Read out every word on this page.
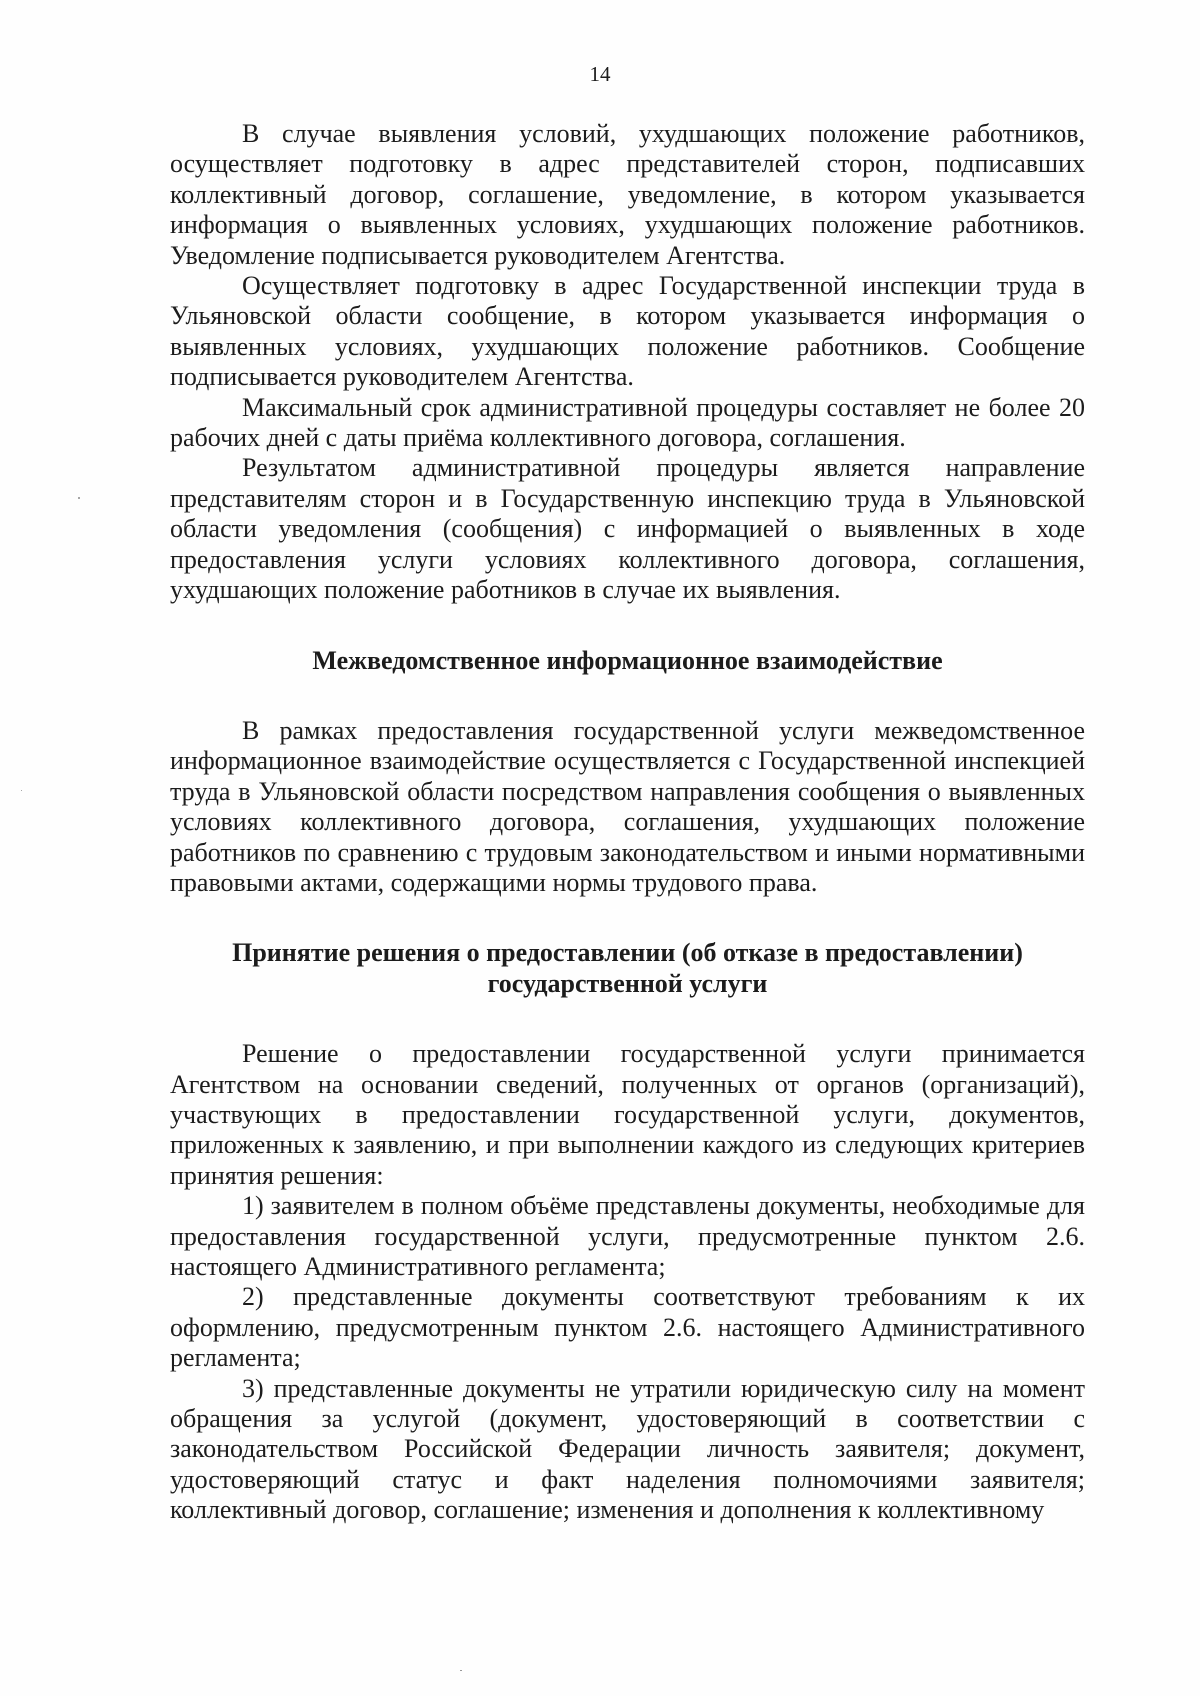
14

В случае выявления условий, ухудшающих положение работников, осуществляет подготовку в адрес представителей сторон, подписавших коллективный договор, соглашение, уведомление, в котором указывается информация о выявленных условиях, ухудшающих положение работников. Уведомление подписывается руководителем Агентства.

Осуществляет подготовку в адрес Государственной инспекции труда в Ульяновской области сообщение, в котором указывается информация о выявленных условиях, ухудшающих положение работников. Сообщение подписывается руководителем Агентства.

Максимальный срок административной процедуры составляет не более 20 рабочих дней с даты приёма коллективного договора, соглашения.

Результатом административной процедуры является направление представителям сторон и в Государственную инспекцию труда в Ульяновской области уведомления (сообщения) с информацией о выявленных в ходе предоставления услуги условиях коллективного договора, соглашения, ухудшающих положение работников в случае их выявления.

Межведомственное информационное взаимодействие

В рамках предоставления государственной услуги межведомственное информационное взаимодействие осуществляется с Государственной инспекцией труда в Ульяновской области посредством направления сообщения о выявленных условиях коллективного договора, соглашения, ухудшающих положение работников по сравнению с трудовым законодательством и иными нормативными правовыми актами, содержащими нормы трудового права.

Принятие решения о предоставлении (об отказе в предоставлении)
государственной услуги

Решение о предоставлении государственной услуги принимается Агентством на основании сведений, полученных от органов (организаций), участвующих в предоставлении государственной услуги, документов, приложенных к заявлению, и при выполнении каждого из следующих критериев принятия решения:

1) заявителем в полном объёме представлены документы, необходимые для предоставления государственной услуги, предусмотренные пунктом 2.6. настоящего Административного регламента;

2) представленные документы соответствуют требованиям к их оформлению, предусмотренным пунктом 2.6. настоящего Административного регламента;

3) представленные документы не утратили юридическую силу на момент обращения за услугой (документ, удостоверяющий в соответствии с законодательством Российской Федерации личность заявителя; документ, удостоверяющий статус и факт наделения полномочиями заявителя; коллективный договор, соглашение; изменения и дополнения к коллективному
